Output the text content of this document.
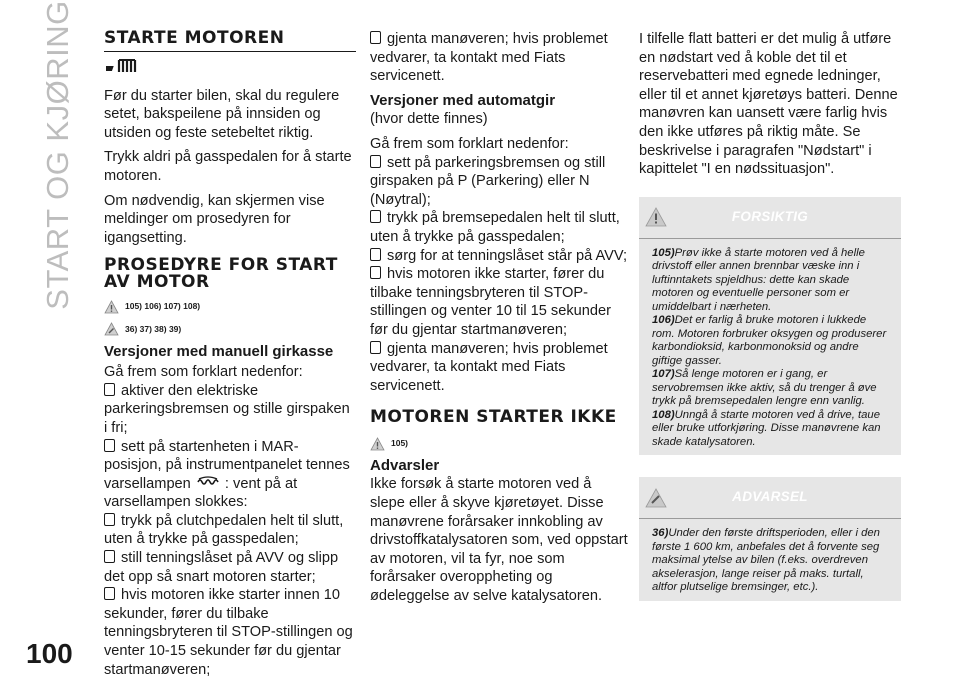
START OG KJØRING
100
STARTE MOTOREN

Før du starter bilen, skal du regulere setet, bakspeilene på innsiden og utsiden og feste setebeltet riktig.

Trykk aldri på gasspedalen for å starte motoren.

Om nødvendig, kan skjermen vise meldinger om prosedyren for igangsetting.

PROSEDYRE FOR START AV MOTOR
105) 106) 107) 108)
36) 37) 38) 39)

Versjoner med manuell girkasse

Gå frem som forklart nedenfor:

aktiver den elektriske parkeringsbremsen og stille girspaken i fri;

sett på startenheten i MAR-posisjon, på instrumentpanelet tennes varsellampen : vent på at varsellampen slokkes:

trykk på clutchpedalen helt til slutt, uten å trykke på gasspedalen;

still tenningslåset på AVV og slipp det opp så snart motoren starter;

hvis motoren ikke starter innen 10 sekunder, fører du tilbake tenningsbryteren til STOP-stillingen og venter 10-15 sekunder før du gjentar startmanøveren;

gjenta manøveren; hvis problemet vedvarer, ta kontakt med Fiats servicenett.

Versjoner med automatgir

(hvor dette finnes)

Gå frem som forklart nedenfor:

sett på parkeringsbremsen og still girspaken på P (Parkering) eller N (Nøytral);

trykk på bremsepedalen helt til slutt, uten å trykke på gasspedalen;

sørg for at tenningslåset står på AVV;

hvis motoren ikke starter, fører du tilbake tenningsbryteren til STOP-stillingen og venter 10 til 15 sekunder før du gjentar startmanøveren;

gjenta manøveren; hvis problemet vedvarer, ta kontakt med Fiats servicenett.

MOTOREN STARTER IKKE
105)

Advarsler

Ikke forsøk å starte motoren ved å slepe eller å skyve kjøretøyet. Disse manøvrene forårsaker innkobling av drivstoffkatalysatoren som, ved oppstart av motoren, vil ta fyr, noe som forårsaker overoppheting og ødeleggelse av selve katalysatoren.

I tilfelle flatt batteri er det mulig å utføre en nødstart ved å koble det til et reservebatteri med egnede ledninger, eller til et annet kjøretøys batteri. Denne manøvren kan uansett være farlig hvis den ikke utføres på riktig måte. Se beskrivelse i paragrafen "Nødstart" i kapittelet "I en nødssituasjon".

FORSIKTIG

105)Prøv ikke å starte motoren ved å helle drivstoff eller annen brennbar væske inn i luftinntakets spjeldhus: dette kan skade motoren og eventuelle personer som er umiddelbart i nærheten.

106)Det er farlig å bruke motoren i lukkede rom. Motoren forbruker oksygen og produserer karbondioksid, karbonmonoksid og andre giftige gasser.

107)Så lenge motoren er i gang, er servobremsen ikke aktiv, så du trenger å øve trykk på bremsepedalen lengre enn vanlig.

108)Unngå å starte motoren ved å drive, taue eller bruke utforkjøring. Disse manøvrene kan skade katalysatoren.

ADVARSEL

36)Under den første driftsperioden, eller i den første 1 600 km, anbefales det å forvente seg maksimal ytelse av bilen (f.eks. overdreven akselerasjon, lange reiser på maks. turtall, altfor plutselige bremsinger, etc.).
